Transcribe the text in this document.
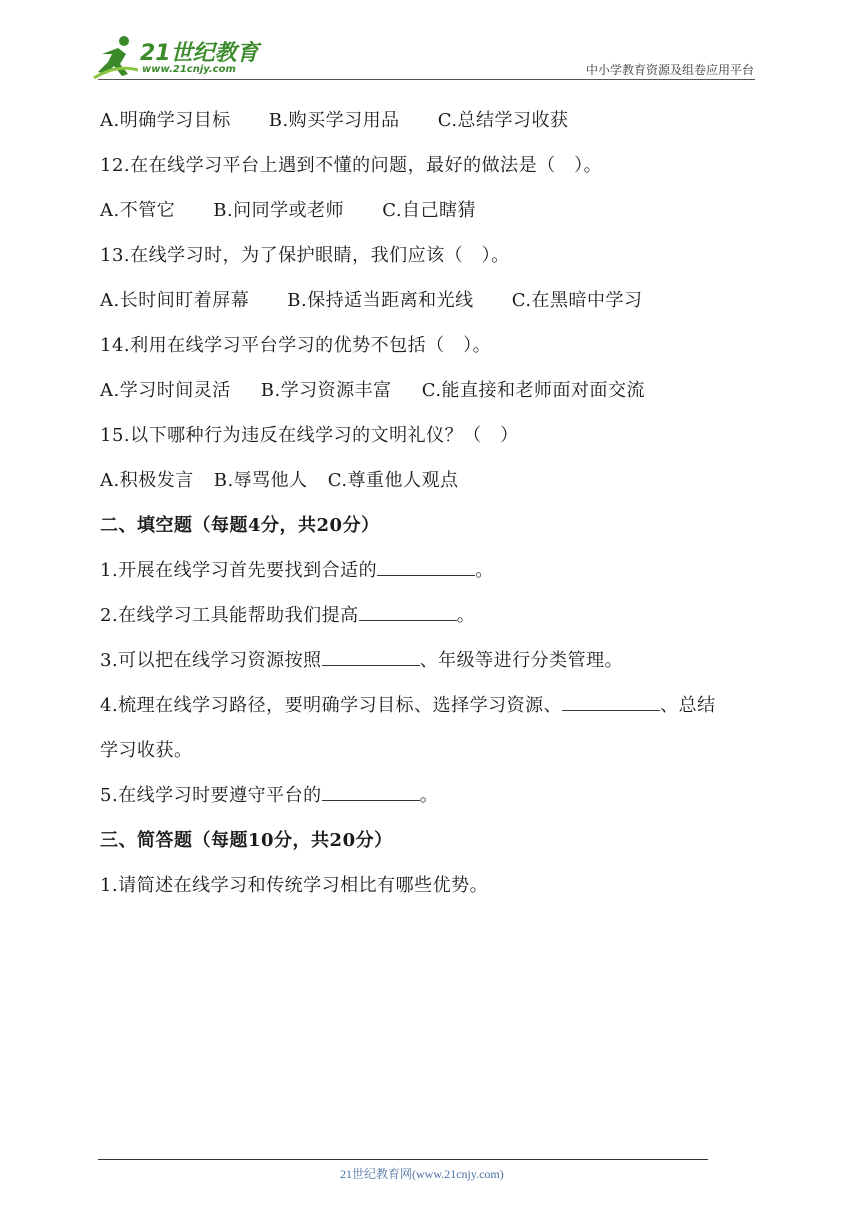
21世纪教育
www.21cnjy.com	中小学教育资源及组卷应用平台
A.明确学习目标 B.购买学习用品 C.总结学习收获
12.在在线学习平台上遇到不懂的问题，最好的做法是（　）。
A.不管它 B.问同学或老师 C.自己瞎猜
13.在线学习时，为了保护眼睛，我们应该（　）。
A.长时间盯着屏幕 B.保持适当距离和光线 C.在黑暗中学习
14.利用在线学习平台学习的优势不包括（　）。
A.学习时间灵活 B.学习资源丰富 C.能直接和老师面对面交流
15.以下哪种行为违反在线学习的文明礼仪？（　）
A.积极发言 B.辱骂他人 C.尊重他人观点
二、填空题（每题4分，共20分）
1.开展在线学习首先要找到合适的	。
2.在线学习工具能帮助我们提高	。
3.可以把在线学习资源按照	、年级等进行分类管理。
4.梳理在线学习路径，要明确学习目标、选择学习资源、	、总结
学习收获。
5.在线学习时要遵守平台的	。
三、简答题（每题10分，共20分）
1.请简述在线学习和传统学习相比有哪些优势。
21世纪教育网(www.21cnjy.com)
